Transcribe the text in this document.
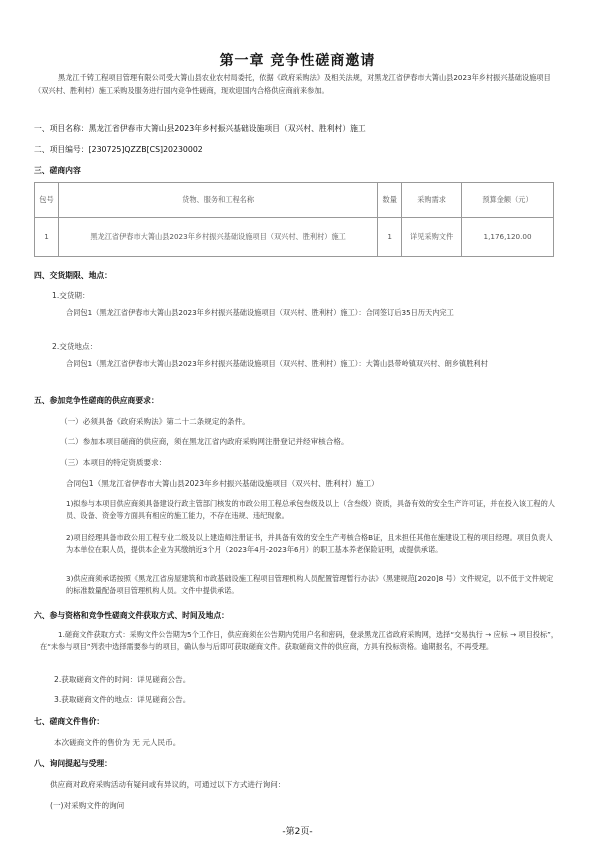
第一章 竞争性磋商邀请
黑龙江千铸工程项目管理有限公司受大箐山县农业农村局委托，依据《政府采购法》及相关法规，对黑龙江省伊春市大箐山县2023年乡村振兴基础设施项目（双兴村、胜利村）施工采购及服务进行国内竞争性磋商，现欢迎国内合格供应商前来参加。
一、项目名称：黑龙江省伊春市大箐山县2023年乡村振兴基础设施项目（双兴村、胜利村）施工
二、项目编号：[230725]QZZB[CS]20230002
三、磋商内容
包号	货物、服务和工程名称	数量	采购需求	预算金额（元）
1	黑龙江省伊春市大箐山县2023年乡村振兴基础设施项目（双兴村、胜利村）施工	1	详见采购文件	1,176,120.00
四、交货期限、地点：
1.交货期：
合同包1（黑龙江省伊春市大箐山县2023年乡村振兴基础设施项目（双兴村、胜利村）施工）：合同签订后35日历天内完工
2.交货地点：
合同包1（黑龙江省伊春市大箐山县2023年乡村振兴基础设施项目（双兴村、胜利村）施工）：大箐山县带岭镇双兴村、朗乡镇胜利村
五、参加竞争性磋商的供应商要求：
（一）必须具备《政府采购法》第二十二条规定的条件。
（二）参加本项目磋商的供应商，须在黑龙江省内政府采购网注册登记并经审核合格。
（三）本项目的特定资质要求：
合同包1（黑龙江省伊春市大箐山县2023年乡村振兴基础设施项目（双兴村、胜利村）施工）
1)拟参与本项目供应商须具备建设行政主管部门核发的市政公用工程总承包叁级及以上（含叁级）资质，具备有效的安全生产许可证，并在投入该工程的人员、设备、资金等方面具有相应的施工能力，不存在违规、违纪现象。
2)项目经理具备市政公用工程专业二级及以上建造师注册证书，并具备有效的安全生产考核合格B证，且未担任其他在施建设工程的项目经理。项目负责人为本单位在职人员，提供本企业为其缴纳近3个月（2023年4月-2023年6月）的职工基本养老保险证明，或提供承诺。
3)供应商须承诺按照《黑龙江省房屋建筑和市政基础设施工程项目管理机构人员配置管理暂行办法》（黑建规范[2020]8 号）文件规定，以不低于文件规定的标准数量配备项目管理机构人员。文件中提供承诺。
六、参与资格和竞争性磋商文件获取方式、时间及地点：
1.磋商文件获取方式：采购文件公告期为5个工作日，供应商须在公告期内凭用户名和密码，登录黑龙江省政府采购网，选择“交易执行 → 应标 → 项目投标”，在“未参与项目”列表中选择需要参与的项目，确认参与后即可获取磋商文件。获取磋商文件的供应商，方具有投标资格。逾期报名，不再受理。
2.获取磋商文件的时间：详见磋商公告。
3.获取磋商文件的地点：详见磋商公告。
七、磋商文件售价：
本次磋商文件的售价为 无 元人民币。
八、询问提起与受理：
供应商对政府采购活动有疑问或有异议的，可通过以下方式进行询问：
(一)对采购文件的询问
-第2页-
